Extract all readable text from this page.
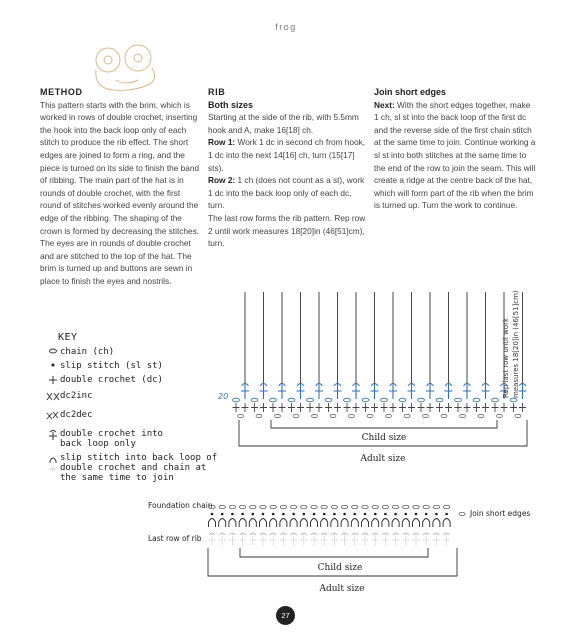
frog
METHOD

This pattern starts with the brim, which is worked in rows of double crochet, inserting the hook into the back loop only of each stitch to produce the rib effect. The short edges are joined to form a ring, and the piece is turned on its side to finish the band of ribbing. The main part of the hat is in rounds of double crochet, with the first round of stitches worked evenly around the edge of the ribbing. The shaping of the crown is formed by decreasing the stitches. The eyes are in rounds of double crochet and are stitched to the top of the hat. The brim is turned up and buttons are sewn in place to finish the eyes and nostrils.

RIB
Both sizes

Starting at the side of the rib, with 5.5mm hook and A, make 16[18] ch.

Row 1: Work 1 dc in second ch from hook, 1 dc into the next 14[16] ch, turn (15[17] sts).

Row 2: 1 ch (does not count as a st), work 1 dc into the back loop only of each dc, turn.

The last row forms the rib pattern. Rep row 2 until work measures 18[20]in (46[51]cm), turn.

Join short edges

Next: With the short edges together, make 1 ch, sl st into the back loop of the first dc and the reverse side of the first chain stitch at the same time to join. Continue working a sl st into both stitches at the same time to the end of the row to join the seam. This will create a ridge at the centre back of the hat, which will form part of the rib when the brim is turned up. Turn the work to continue.

KEY
chain (ch)
slip stitch (sl st)
double crochet (dc)
dc2inc
dc2dec
double crochet into back loop only
slip stitch into back loop of double crochet and chain at the same time to join
20	Rep last row until work measures 18[20]in (46[51]cm)
Child size
Adult size
Foundation chain
Last row of rib
Join short edges
Child size
Adult size
27
